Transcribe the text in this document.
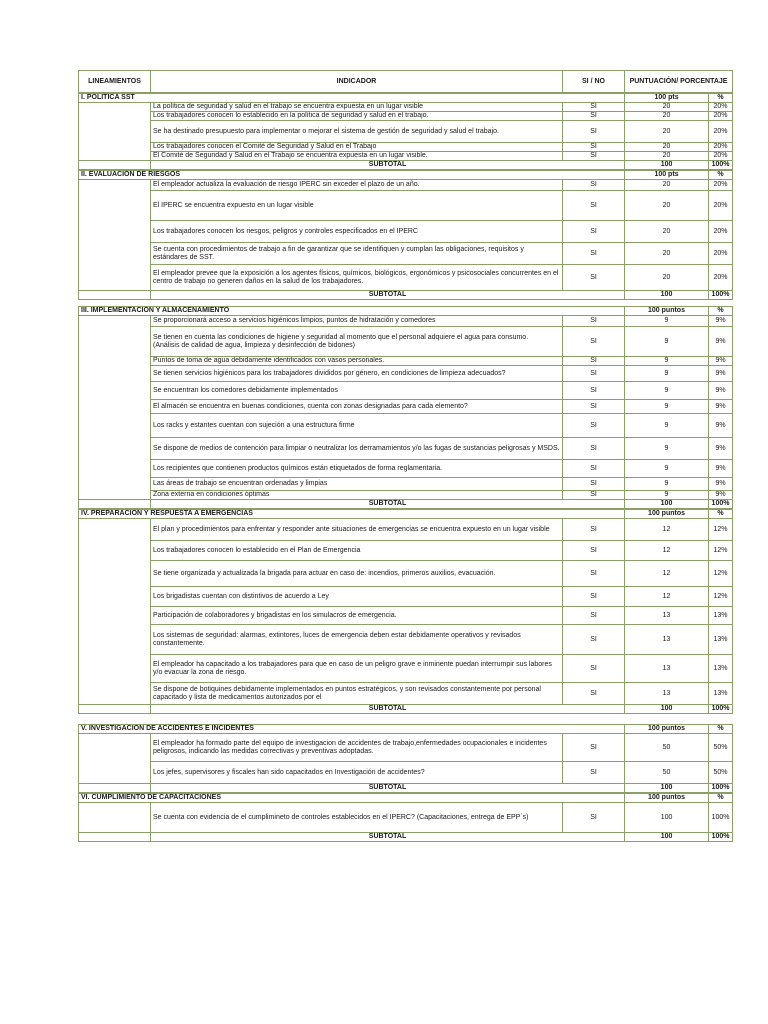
LINEAMIENTOS	INDICADOR	SI / NO	PUNTUACIÓN/ PORCENTAJE
I. POLITICA SST			100 pts	%
	La política de seguridad y salud en el trabajo se encuentra expuesta en un lugar visible	SI	20	20%
	Los trabajadores conocen lo establecido en la política de seguridad y salud en el trabajo.	SI	20	20%
	Se ha destinado presupuesto para implementar o mejorar el sistema de gestión de seguridad y salud el trabajo.	SI	20	20%
	Los trabajadores conocen el Comité de Seguridad y Salud en el Trabajo	SI	20	20%
	El Comité de Seguridad y Salud en el Trabajo se encuentra expuesta en un lugar visible.	SI	20	20%
	SUBTOTAL		100	100%
II. EVALUACION DE RIESGOS			100 pts	%
	El empleador actualiza la evaluación de riesgo IPERC sin exceder el plazo de un año.	SI	20	20%
	El IPERC se encuentra expuesto en un lugar visible	SI	20	20%
	Los trabajadores conocen los riesgos, peligros y controles especificados en el IPERC	SI	20	20%
	Se cuenta con procedimientos de trabajo a fin de garantizar que se identifiquen y cumplan las obligaciones, requisitos y estándares de SST.	SI	20	20%
	El empleador prevee que la exposición a los agentes físicos, químicos, biológicos, ergonómicos y psicosociales concurrentes en el centro de trabajo no generen daños en la salud de los trabajadores.	SI	20	20%
	SUBTOTAL		100	100%
III. IMPLEMENTACIÓN Y ALMACENAMIENTO			100 puntos	%
	Se proporcionará acceso a servicios higiénicos limpios, puntos de hidratación y comedores	SI	9	9%
	Se tienen en cuenta las condiciones de higiene y seguridad al momento que el personal adquiere el agua para consumo.
(Análisis de calidad de agua, limpieza y desinfección de bidones)	SI	9	9%
	Puntos de toma de agua debidamente identificados con vasos personales.	SI	9	9%
	Se tienen servicios higiénicos para los trabajadores divididos por género, en condiciones de limpieza adecuados?	SI	9	9%
	Se encuentran los comedores debidamente implementados	SI	9	9%
	El almacén se encuentra en buenas condiciones, cuenta con zonas designadas para cada elemento?	SI	9	9%
	Los racks y estantes cuentan con sujeción a una estructura firme	SI	9	9%
	Se dispone de medios de contención para limpiar o neutralizar los derramamientos y/o las fugas de sustancias peligrosas y MSDS.	SI	9	9%
	Los recipientes que contienen productos químicos están etiquetados de forma reglamentaria.	SI	9	9%
	Las áreas de trabajo se encuentran ordenadas y limpias	SI	9	9%
	Zona externa en condiciones óptimas	SI	9	9%
	SUBTOTAL		100	100%
IV. PREPARACION Y RESPUESTA A EMERGENCIAS			100 puntos	%
	El plan y procedimientos para enfrentar y responder ante situaciones de emergencias se encuentra expuesto en un lugar visible	SI	12	12%
	Los trabajadores conocen lo establecido en el Plan de Emergencia	SI	12	12%
	Se tiene organizada y actualizada la brigada para actuar en caso de: incendios, primeros auxilios, evacuación.	SI	12	12%
	Los brigadistas cuentan con distintivos de acuerdo a Ley	SI	12	12%
	Participación de colaboradores y brigadistas en los simulacros de emergencia.	SI	13	13%
	Los sistemas de seguridad: alarmas, extintores, luces de emergencia deben estar debidamente operativos y revisados constantemente.	SI	13	13%
	El empleador ha capacitado a los trabajadores para que en caso de un peligro grave e inminente puedan interrumpir sus labores y/o evacuar la zona de riesgo.	SI	13	13%
	Se dispone de botiquines debidamente implementados en puntos estratégicos, y son revisados constantemente por personal capacitado y lista de medicamentos autorizados por el	SI	13	13%
	SUBTOTAL		100	100%
V. INVESTIGACION DE ACCIDENTES E INCIDENTES			100 puntos	%
	El empleador ha formado parte del equipo de investigacion de accidentes de trabajo,enfermedades ocupacionales e incidentes peligrosos, indicando las medidas correctivas y preventivas adoptadas.	SI	50	50%
	Los jefes, supervisores y fiscales han sido capacitados en Investigación de accidentes?	SI	50	50%
	SUBTOTAL		100	100%
VI. CUMPLIMIENTO DE CAPACITACIONES			100 puntos	%
	Se cuenta con evidencia de el cumplimineto de controles establecidos en el IPERC? (Capacitaciones, entrega de EPP´s)	SI	100	100%
	SUBTOTAL		100	100%
